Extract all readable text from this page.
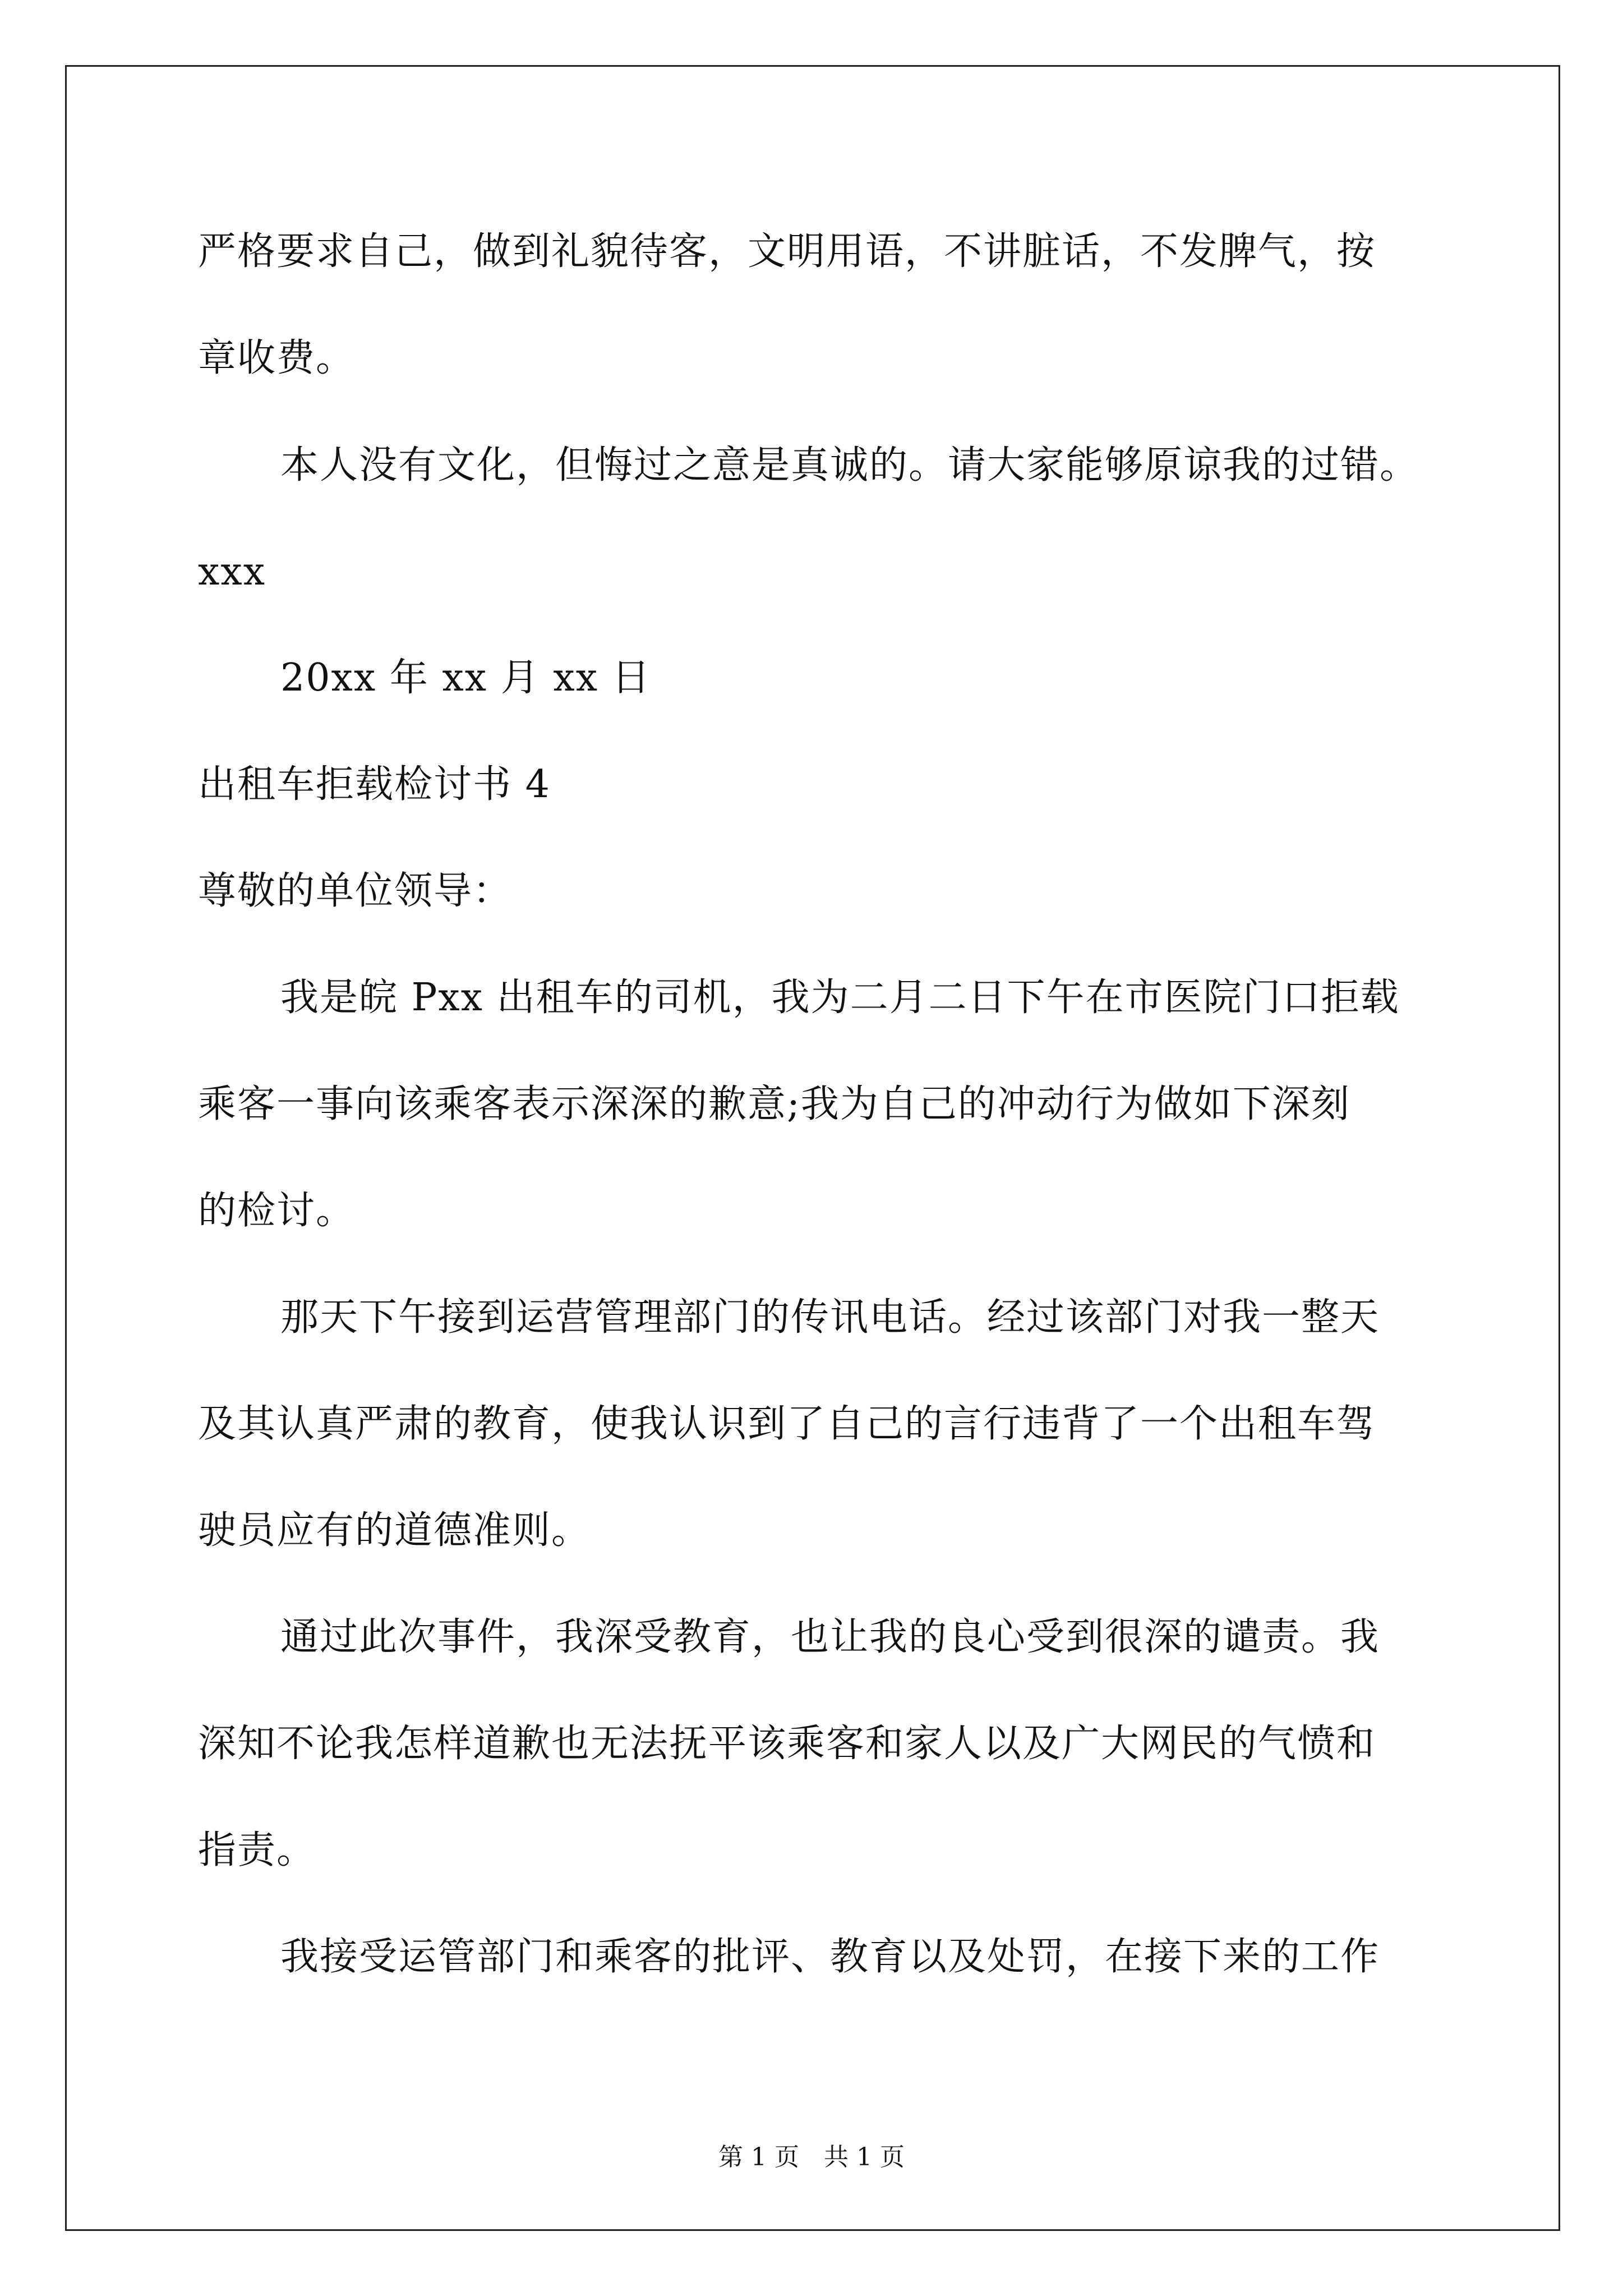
严格要求自己，做到礼貌待客，文明用语，不讲脏话，不发脾气，按
章收费。
本人没有文化，但悔过之意是真诚的。请大家能够原谅我的过错。
xxx
20xx 年 xx 月 xx 日
出租车拒载检讨书 4
尊敬的单位领导：
我是皖 Pxx 出租车的司机，我为二月二日下午在市医院门口拒载
乘客一事向该乘客表示深深的歉意;我为自己的冲动行为做如下深刻
的检讨。
那天下午接到运营管理部门的传讯电话。经过该部门对我一整天
及其认真严肃的教育，使我认识到了自己的言行违背了一个出租车驾
驶员应有的道德准则。
通过此次事件，我深受教育，也让我的良心受到很深的谴责。我
深知不论我怎样道歉也无法抚平该乘客和家人以及广大网民的气愤和
指责。
我接受运管部门和乘客的批评、教育以及处罚，在接下来的工作
第 1 页　共 1 页
